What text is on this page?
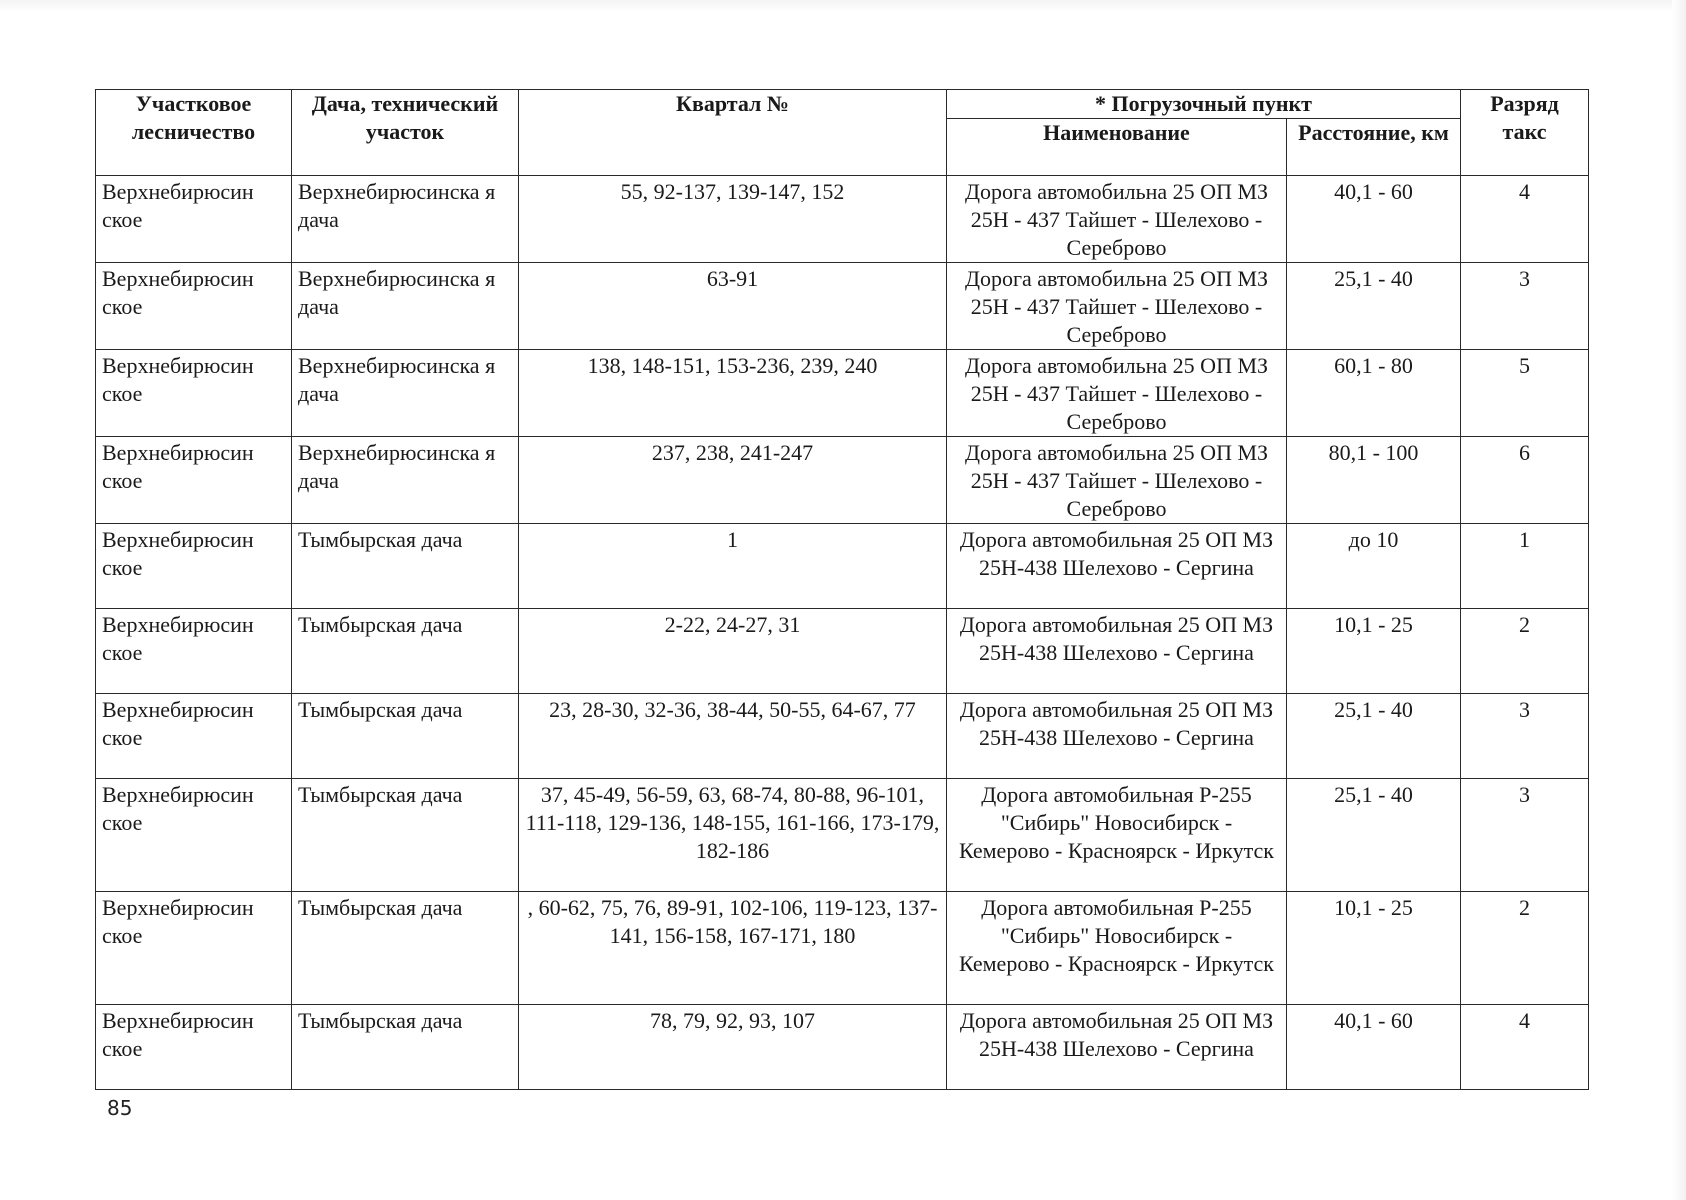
Участковое лесничество	Дача, технический участок	Квартал №	* Погрузочный пункт		Разряд такс
			Наименование	Расстояние, км	
Верхнебирюсин ское	Верхнебирюсинска я дача	55, 92-137, 139-147, 152	Дорога автомобильна 25 ОП МЗ 25Н - 437 Тайшет - Шелехово - Сереброво	40,1 - 60	4
Верхнебирюсин ское	Верхнебирюсинска я дача	63-91	Дорога автомобильна 25 ОП МЗ 25Н - 437 Тайшет - Шелехово - Сереброво	25,1 - 40	3
Верхнебирюсин ское	Верхнебирюсинска я дача	138, 148-151, 153-236, 239, 240	Дорога автомобильна 25 ОП МЗ 25Н - 437 Тайшет - Шелехово - Сереброво	60,1 - 80	5
Верхнебирюсин ское	Верхнебирюсинска я дача	237, 238, 241-247	Дорога автомобильна 25 ОП МЗ 25Н - 437 Тайшет - Шелехово - Сереброво	80,1 - 100	6
Верхнебирюсин ское	Тымбырская дача	1	Дорога автомобильная 25 ОП МЗ 25Н-438 Шелехово - Сергина	до 10	1
Верхнебирюсин ское	Тымбырская дача	2-22, 24-27, 31	Дорога автомобильная 25 ОП МЗ 25Н-438 Шелехово - Сергина	10,1 - 25	2
Верхнебирюсин ское	Тымбырская дача	23, 28-30, 32-36, 38-44, 50-55, 64-67, 77	Дорога автомобильная 25 ОП МЗ 25Н-438 Шелехово - Сергина	25,1 - 40	3
Верхнебирюсин ское	Тымбырская дача	37, 45-49, 56-59, 63, 68-74, 80-88, 96-101, 111-118, 129-136, 148-155, 161-166, 173-179, 182-186	Дорога автомобильная Р-255 "Сибирь" Новосибирск - Кемерово - Красноярск - Иркутск	25,1 - 40	3
Верхнебирюсин ское	Тымбырская дача	, 60-62, 75, 76, 89-91, 102-106, 119-123, 137-141, 156-158, 167-171, 180	Дорога автомобильная Р-255 "Сибирь" Новосибирск - Кемерово - Красноярск - Иркутск	10,1 - 25	2
Верхнебирюсин ское	Тымбырская дача	78, 79, 92, 93, 107	Дорога автомобильная 25 ОП МЗ 25Н-438 Шелехово - Сергина	40,1 - 60	4
85
